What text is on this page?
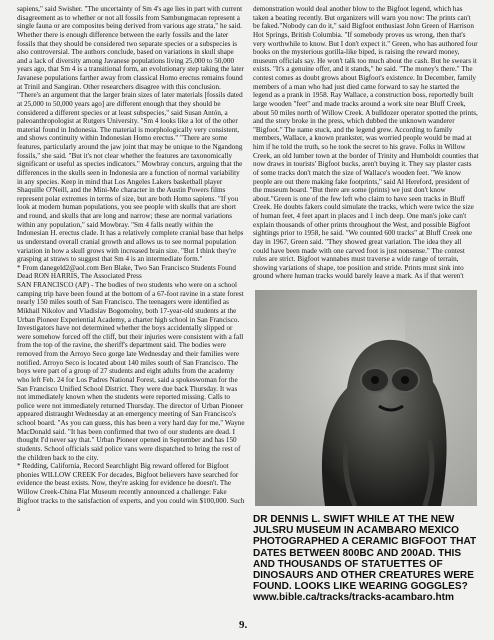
sapiens," said Swisher. "The uncertainty of Sm 4's age lies in part with current disagreement as to whether or not all fossils from Sambungmacan represent a single fauna or are composites being derived from various age strata," he said. Whether there is enough difference between the early fossils and the later fossils that they should be considered two separate species or a subspecies is also controversial. The authors conclude, based on variations in skull shape and a lack of diversity among Javanese populations living 25,000 to 50,000 years ago, that Sm 4 is a transitional form, an evolutionary step taking the later Javanese populations farther away from classical Homo erectus remains found at Trinil and Sangiran. Other researchers disagree with this conclusion. "There's an argument that the larger brain sizes of later materials [fossils dated at 25,000 to 50,000 years ago] are different enough that they should be considered a different species or at least subspecies," said Susan Antón, a paleoanthropologist at Rutgers University. "Sm 4 looks like a lot of the other material found in Indonesia. The material is morphologically very consistent, and shows continuity within Indonesian Homo erectus." "There are some features, particularly around the jaw joint that may be unique to the Ngandong fossils," she said. "But it's not clear whether the features are taxonomically significant or useful as species indicators." Mowbray concurs, arguing that the differences in the skulls seen in Indonesia are a function of normal variability in any species. Keep in mind that Los Angeles Lakers basketball player Shaquille O'Neill, and the Mini-Me character in the Austin Powers films represent polar extremes in terms of size, but are both Homo sapiens. "If you look at modern human populations, you see people with skulls that are short and round, and skulls that are long and narrow; these are normal variations within any population," said Mowbray. "Sm 4 falls neatly within the Indonesian H. erectus clade. It has a relatively complete cranial base that helps us understand overall cranial growth and allows us to see normal population variation in how a skull grows with increased brain size. "But I think they're grasping at straws to suggest that Sm 4 is an intermediate form."
* From danegeld2@aol.com Ben Blake, Two San Francisco Students Found Dead RON HARRIS, The Associated Press
SAN FRANCISCO (AP) - The bodies of two students who were on a school camping trip have been found at the bottom of a 67-foot ravine in a state forest nearly 150 miles south of San Francisco. The teenagers were identified as Mikhail Nikolov and Vladislav Bogomolny, both 17-year-old students at the Urban Pioneer Experiential Academy, a charter high school in San Francisco. Investigators have not determined whether the boys accidentally slipped or were somehow forced off the cliff, but their injuries were consistent with a fall from the top of the ravine, the sheriff's department said. The bodies were removed from the Arroyo Seco gorge late Wednesday and their families were notified. Arroyo Seco is located about 140 miles south of San Francisco. The boys were part of a group of 27 students and eight adults from the academy who left Feb. 24 for Los Padres National Forest, said a spokeswoman for the San Francisco Unified School District. They were due back Thursday. It was not immediately known when the students were reported missing. Calls to police were not immediately returned Thursday. The director of Urban Pioneer appeared distraught Wednesday at an emergency meeting of San Francisco's school board. "As you can guess, this has been a very hard day for me," Wayne MacDonald said. "It has been confirmed that two of our students are dead. I thought I'd never say that." Urban Pioneer opened in September and has 150 students. School officials said police vans were dispatched to bring the rest of the children back to the city.
* Redding, California, Record Searchlight Big reward offered for Bigfoot phonies WILLOW CREEK For decades, Bigfoot believers have searched for evidence the beast exists. Now, they're asking for evidence he doesn't. The Willow Creek-China Flat Museum recently announced a challenge: Fake Bigfoot tracks to the satisfaction of experts, and you could win $100,000. Such a
demonstration would deal another blow to the Bigfoot legend, which has taken a beating recently. But organizers will warn you now: The prints can't be faked."Nobody can do it," said Bigfoot enthusiast John Green of Harrison Hot Springs, British Columbia. "If somebody proves us wrong, then that's very worthwhile to know. But I don't expect it." Green, who has authored four books on the mysterious gorilla-like biped, is raising the reward money, museum officials say. He won't talk too much about the cash. But he swears it exists. "It's a genuine offer, and it stands," he said. "The money's there." The contest comes as doubt grows about Bigfoot's existence. In December, family members of a man who had just died came forward to say he started the legend as a prank in 1958. Ray Wallace, a construction boss, reportedly built large wooden "feet" and made tracks around a work site near Bluff Creek, about 50 miles north of Willow Creek. A bulldozer operator spotted the prints, and the story broke in the press, which dubbed the unknown wanderer "Bigfoot." The name stuck, and the legend grew. According to family members, Wallace, a known prankster, was worried people would be mad at him if he told the truth, so he took the secret to his grave. Folks in Willow Creek, an old lumber town at the border of Trinity and Humboldt counties that now draws in tourists' Bigfoot bucks, aren't buying it. They say plaster casts of some tracks don't match the size of Wallace's wooden feet. "We know people are out there making fake footprints," said Al Hereford, president of the museum board. "But there are some (prints) we just don't know about."Green is one of the few left who claim to have seen tracks in Bluff Creek. He doubts fakers could simulate the tracks, which were twice the size of human feet, 4 feet apart in places and 1 inch deep. One man's joke can't explain thousands of other prints throughout the West, and possible Bigfoot sightings prior to 1958, he said. "We counted 600 tracks" at Bluff Creek one day in 1967, Green said. "They showed great variation. The idea they all could have been made with one carved foot is just nonsense." The contest rules are strict. Bigfoot wannabes must traverse a wide range of terrain, showing variations of shape, toe position and stride. Prints must sink into ground where human tracks would barely leave a mark. As if that weren't
DR DENNIS L. SWIFT WHILE AT THE NEW JULSRU MUSEUM IN ACAMBARO MEXICO PHOTOGRAPHED A CERAMIC BIGFOOT THAT DATES BETWEEN 800BC AND 200AD. THIS AND THOUSANDS OF STATUETTES OF DINOSAURS AND OTHER CREATURES WERE FOUND. LOOKS LIKE WEARING GOGGLES?
www.bible.ca/tracks/tracks-acambaro.htm
9.
